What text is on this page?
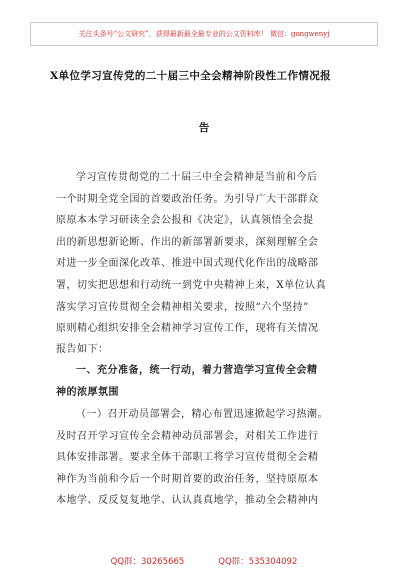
关注头条号“公文研究”，获得最新最全最专业的公文资料库！ 微信：gongwenyj
X单位学习宣传党的二十届三中全会精神阶段性工作情况报
告
学习宣传贯彻党的二十届三中全会精神是当前和今后
一个时期全党全国的首要政治任务。为引导广大干部群众
原原本本学习研读全会公报和《决定》，认真领悟全会提
出的新思想新论断、作出的新部署新要求，深刻理解全会
对进一步全面深化改革、推进中国式现代化作出的战略部
署，切实把思想和行动统一到党中央精神上来，X单位认真
落实学习宣传贯彻全会精神相关要求，按照“六个坚持”
原则精心组织安排全会精神学习宣传工作，现将有关情况
报告如下：
一、充分准备，统一行动，着力营造学习宣传全会精
神的浓厚氛围
（一）召开动员部署会，精心布置迅速掀起学习热潮。
及时召开学习宣传全会精神动员部署会，对相关工作进行
具体安排部署。要求全体干部职工将学习宣传贯彻全会精
神作为当前和今后一个时期首要的政治任务，坚持原原本
本地学、反反复复地学、认认真真地学，推动全会精神内
QQ群：30265665	QQ群：535304092
